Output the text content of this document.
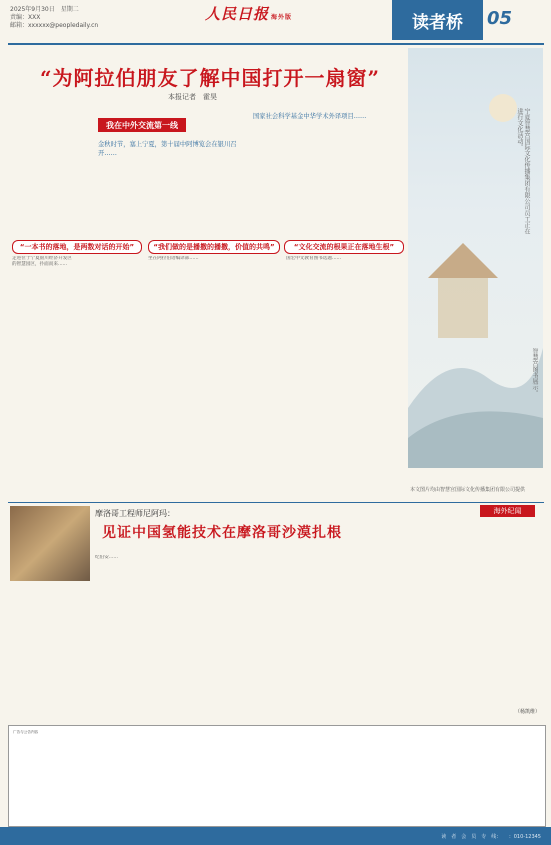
2025年9月30日　星期二
责编：XXX
邮箱：xxxxxx@peopledaily.cn
人民日报 海外版	读者桥	05
宁夏智慧宫国际文化传播集团有限公司员工正在进行文化活动。
智慧宫图书展示。
“为阿拉伯朋友了解中国打开一扇窗”
本报记者　霍昊
我在中外交流第一线
金秋时节，塞上宁夏，第十届中阿博览会在银川召开……
国家社会科学基金中华学术外译项目……
“一本书的落地，是两数对话的开始”	“我们做的是播撒的播撒，价值的共鸣”	“文化交流的根果正在落地生根”
走进位于宁夏银川经济开发区的智慧园区，扑面而来……
坐在阿拉伯语编译部……	国宏中文教育图书选题……
本文图片均由智慧宫国际文化传播集团有限公司提供
海外纪闻
摩洛哥工程师尼阿玛：
见证中国氢能技术在摩洛哥沙漠扎根
纪伯安……
（杨凯维）
广告与公告内容
读　者　会　员　专　线：　　：010-12345
